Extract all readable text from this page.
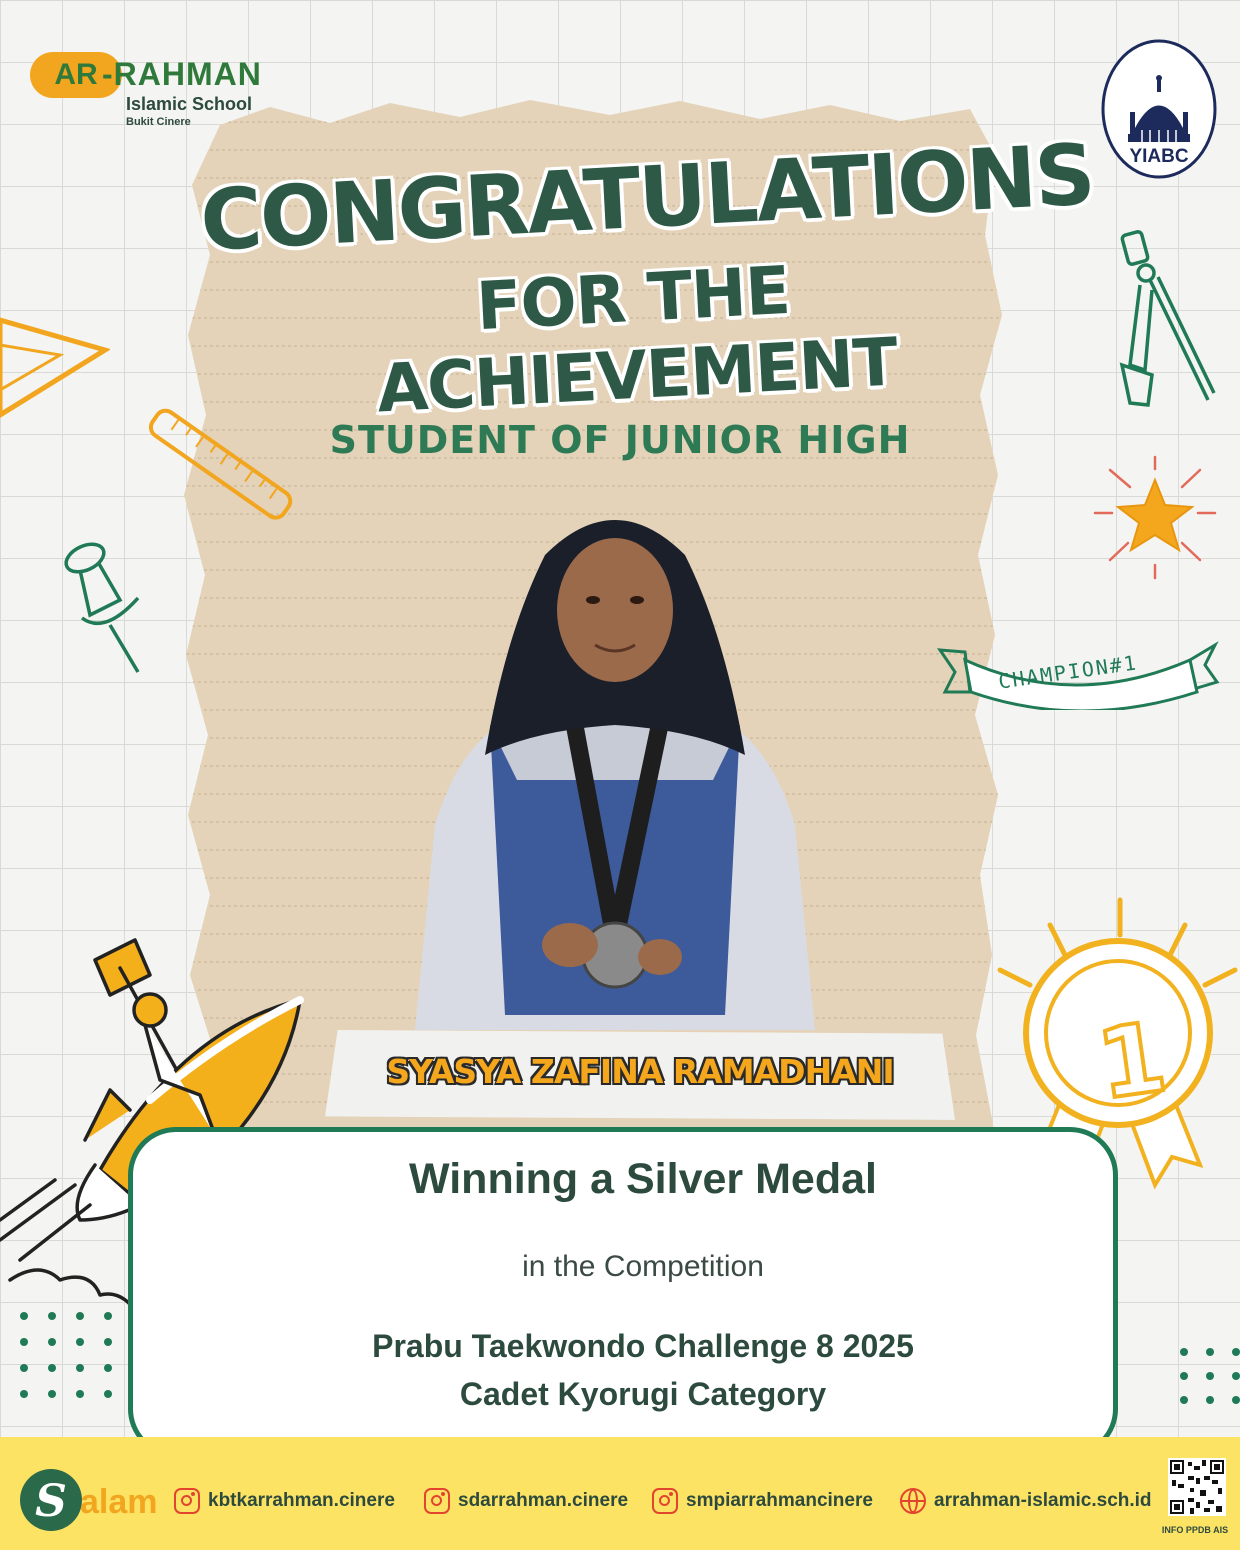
AR -RAHMAN
Islamic School
Bukit Cinere
YIABC
CONGRATULATIONS
FOR THE ACHIEVEMENT
STUDENT OF JUNIOR HIGH
CHAMPION#1
1
SYASYA ZAFINA RAMADHANI
Winning a Silver Medal
in the Competition
Prabu Taekwondo Challenge 8 2025
Cadet Kyorugi Category
S alam	kbtkarrahman.cinere	sdarrahman.cinere	smpiarrahmancinere	arrahman-islamic.sch.id
INFO PPDB AIS
